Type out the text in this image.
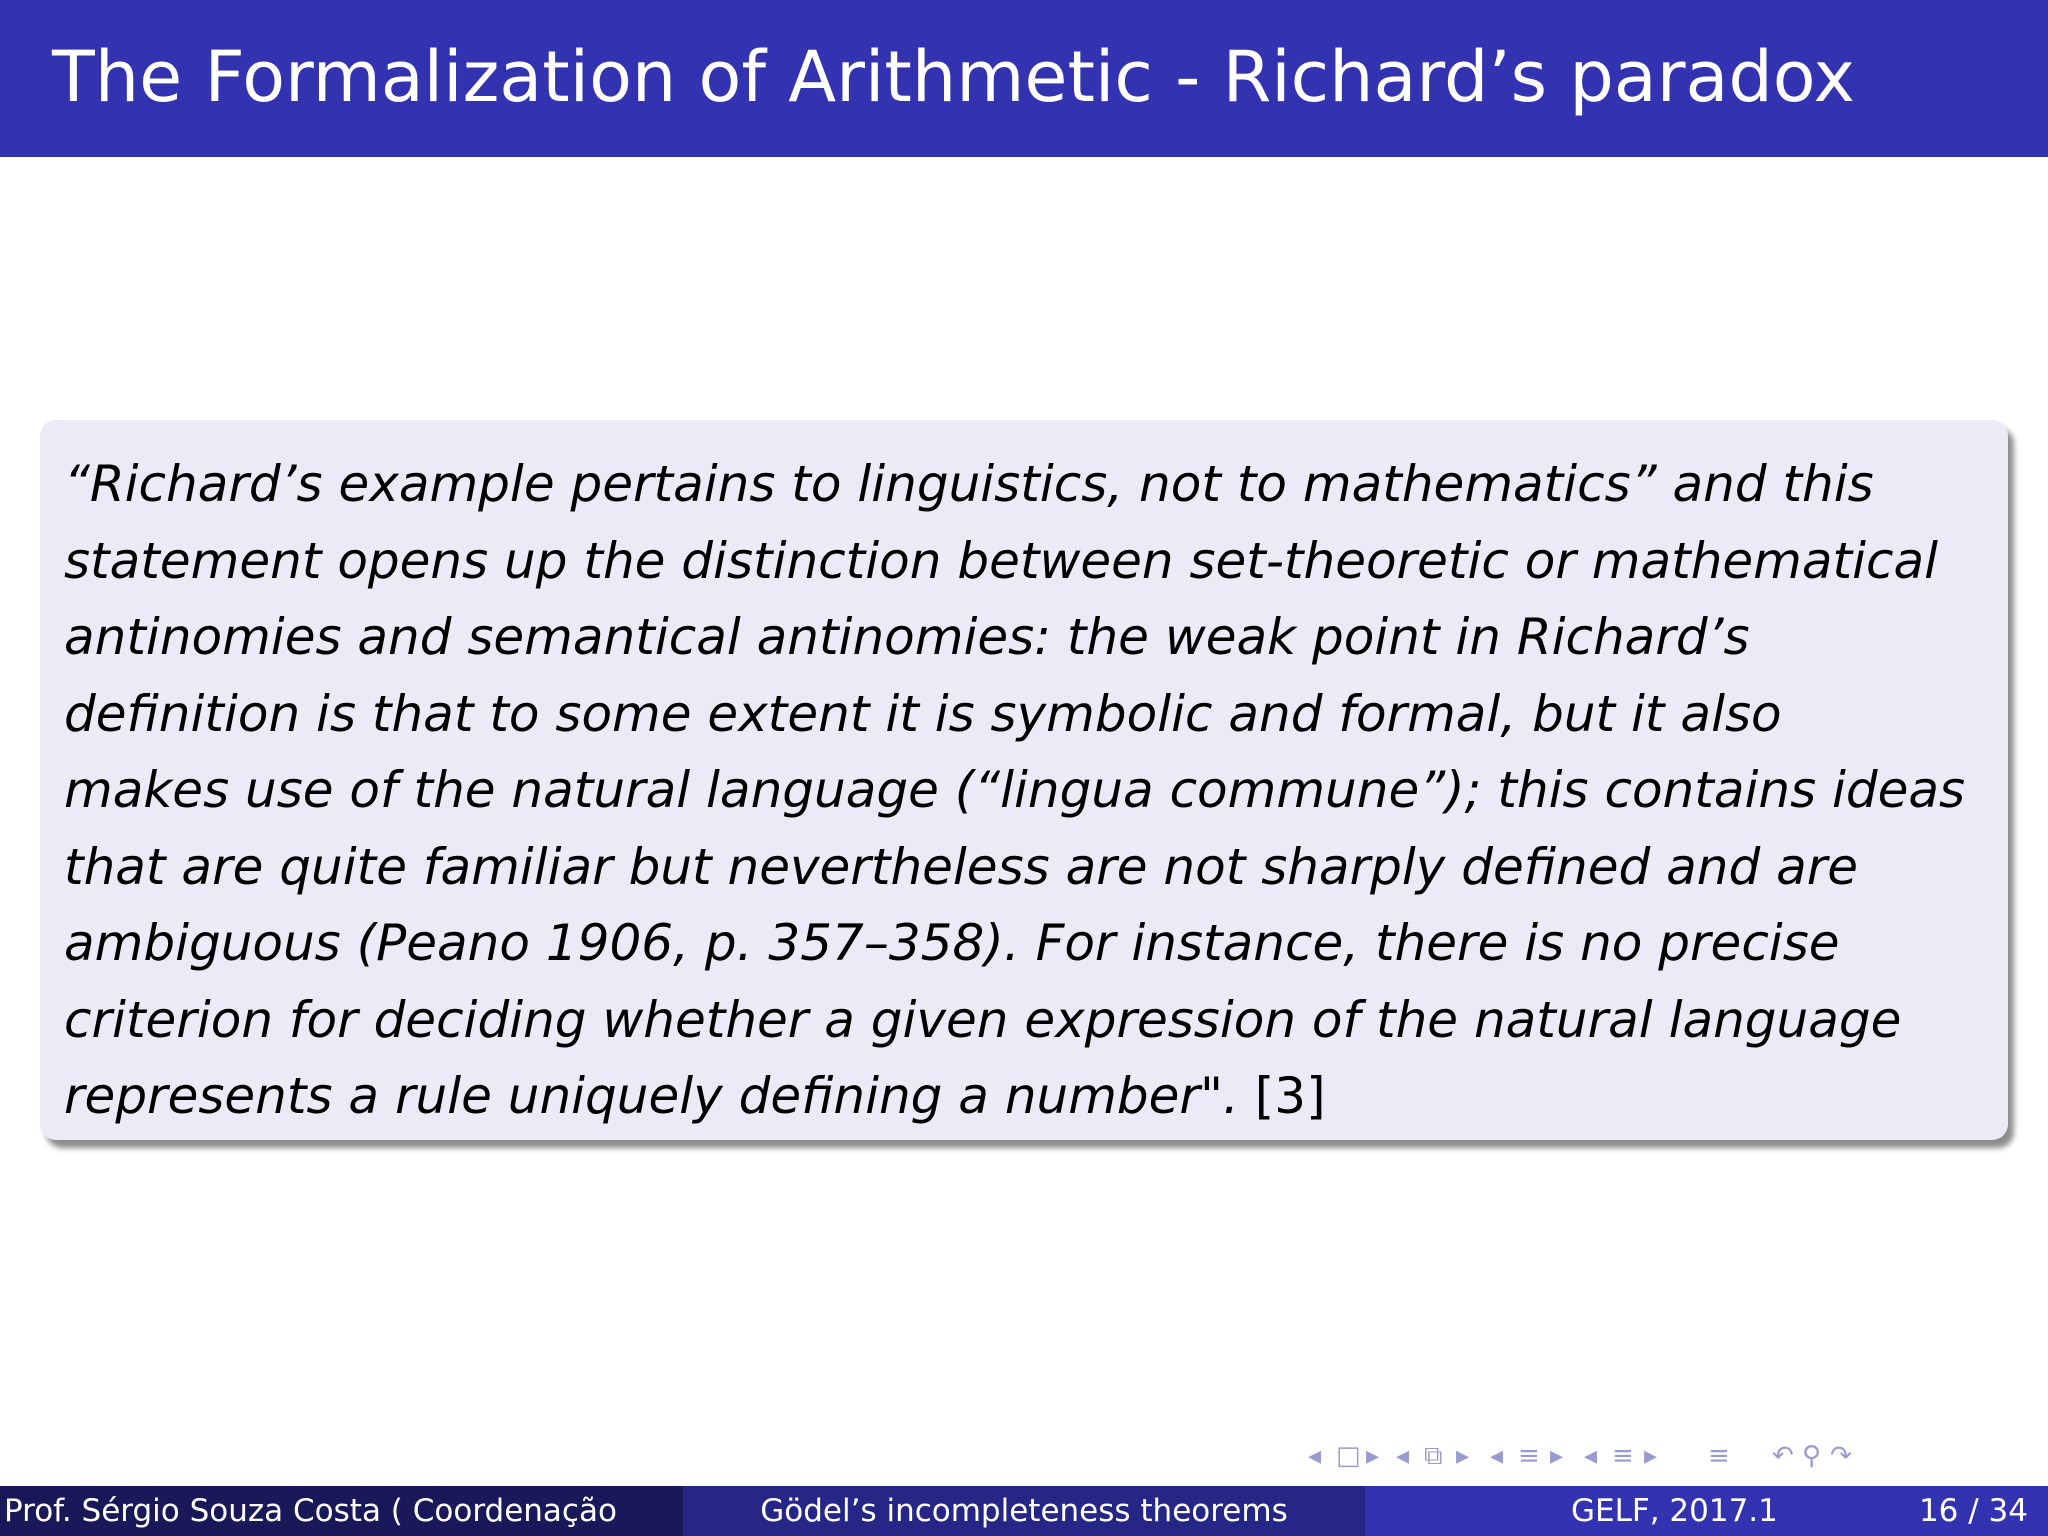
The Formalization of Arithmetic - Richard’s paradox

“Richard’s example pertains to linguistics, not to mathematics” and this
statement opens up the distinction between set-theoretic or mathematical
antinomies and semantical antinomies: the weak point in Richard’s
definition is that to some extent it is symbolic and formal, but it also
makes use of the natural language (“lingua commune”); this contains ideas
that are quite familiar but nevertheless are not sharply defined and are
ambiguous (Peano 1906, p. 357–358). For instance, there is no precise
criterion for deciding whether a given expression of the natural language
represents a rule uniquely defining a number". [3]

◂ □ ▸ ◂ ⧉ ▸ ◂ ≡ ▸ ◂ ≡ ▸ ≡ ↶ ⚲ ↷
Prof. Sérgio Souza Costa ( Coordenação	Gödel’s incompleteness theorems	GELF, 2017.1	16 / 34
